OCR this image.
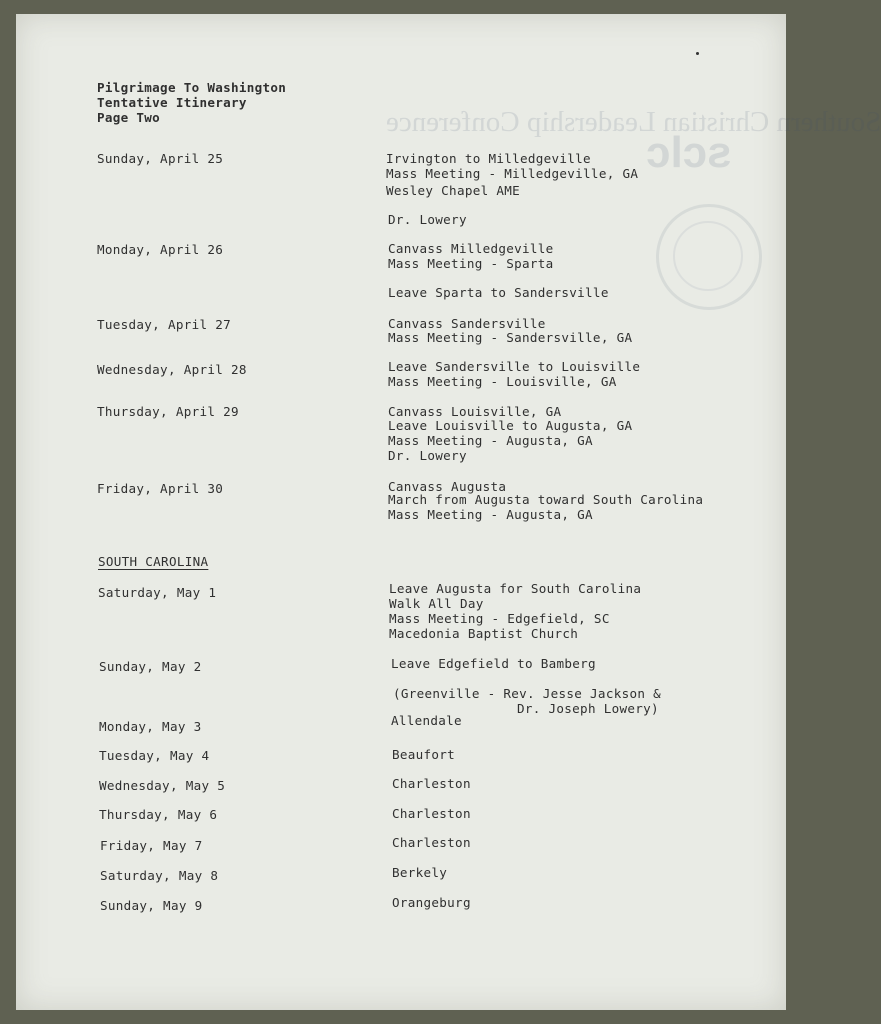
Southern Christian Leadership Conference
sclc

Pilgrimage To Washington

Tentative Itinerary

Page Two

Sunday, April 25	Irvington to Milledgeville

Mass Meeting - Milledgeville, GA

Wesley Chapel AME

Dr. Lowery

Monday, April 26	Canvass Milledgeville

Mass Meeting - Sparta

Leave Sparta to Sandersville

Tuesday, April 27	Canvass Sandersville

Mass Meeting - Sandersville, GA

Wednesday, April 28	Leave Sandersville to Louisville

Mass Meeting - Louisville, GA

Thursday, April 29	Canvass Louisville, GA

Leave Louisville to Augusta, GA

Mass Meeting - Augusta, GA

Dr. Lowery

Friday, April 30	Canvass Augusta

March from Augusta toward South Carolina

Mass Meeting - Augusta, GA

SOUTH CAROLINA

Saturday, May 1	Leave Augusta for South Carolina

Walk All Day

Mass Meeting - Edgefield, SC

Macedonia Baptist Church

Sunday, May 2	Leave Edgefield to Bamberg

(Greenville - Rev. Jesse Jackson &

Dr. Joseph Lowery)

Monday, May 3	Allendale

Tuesday, May 4	Beaufort

Wednesday, May 5	Charleston

Thursday, May 6	Charleston

Friday, May 7	Charleston

Saturday, May 8	Berkely

Sunday, May 9	Orangeburg
